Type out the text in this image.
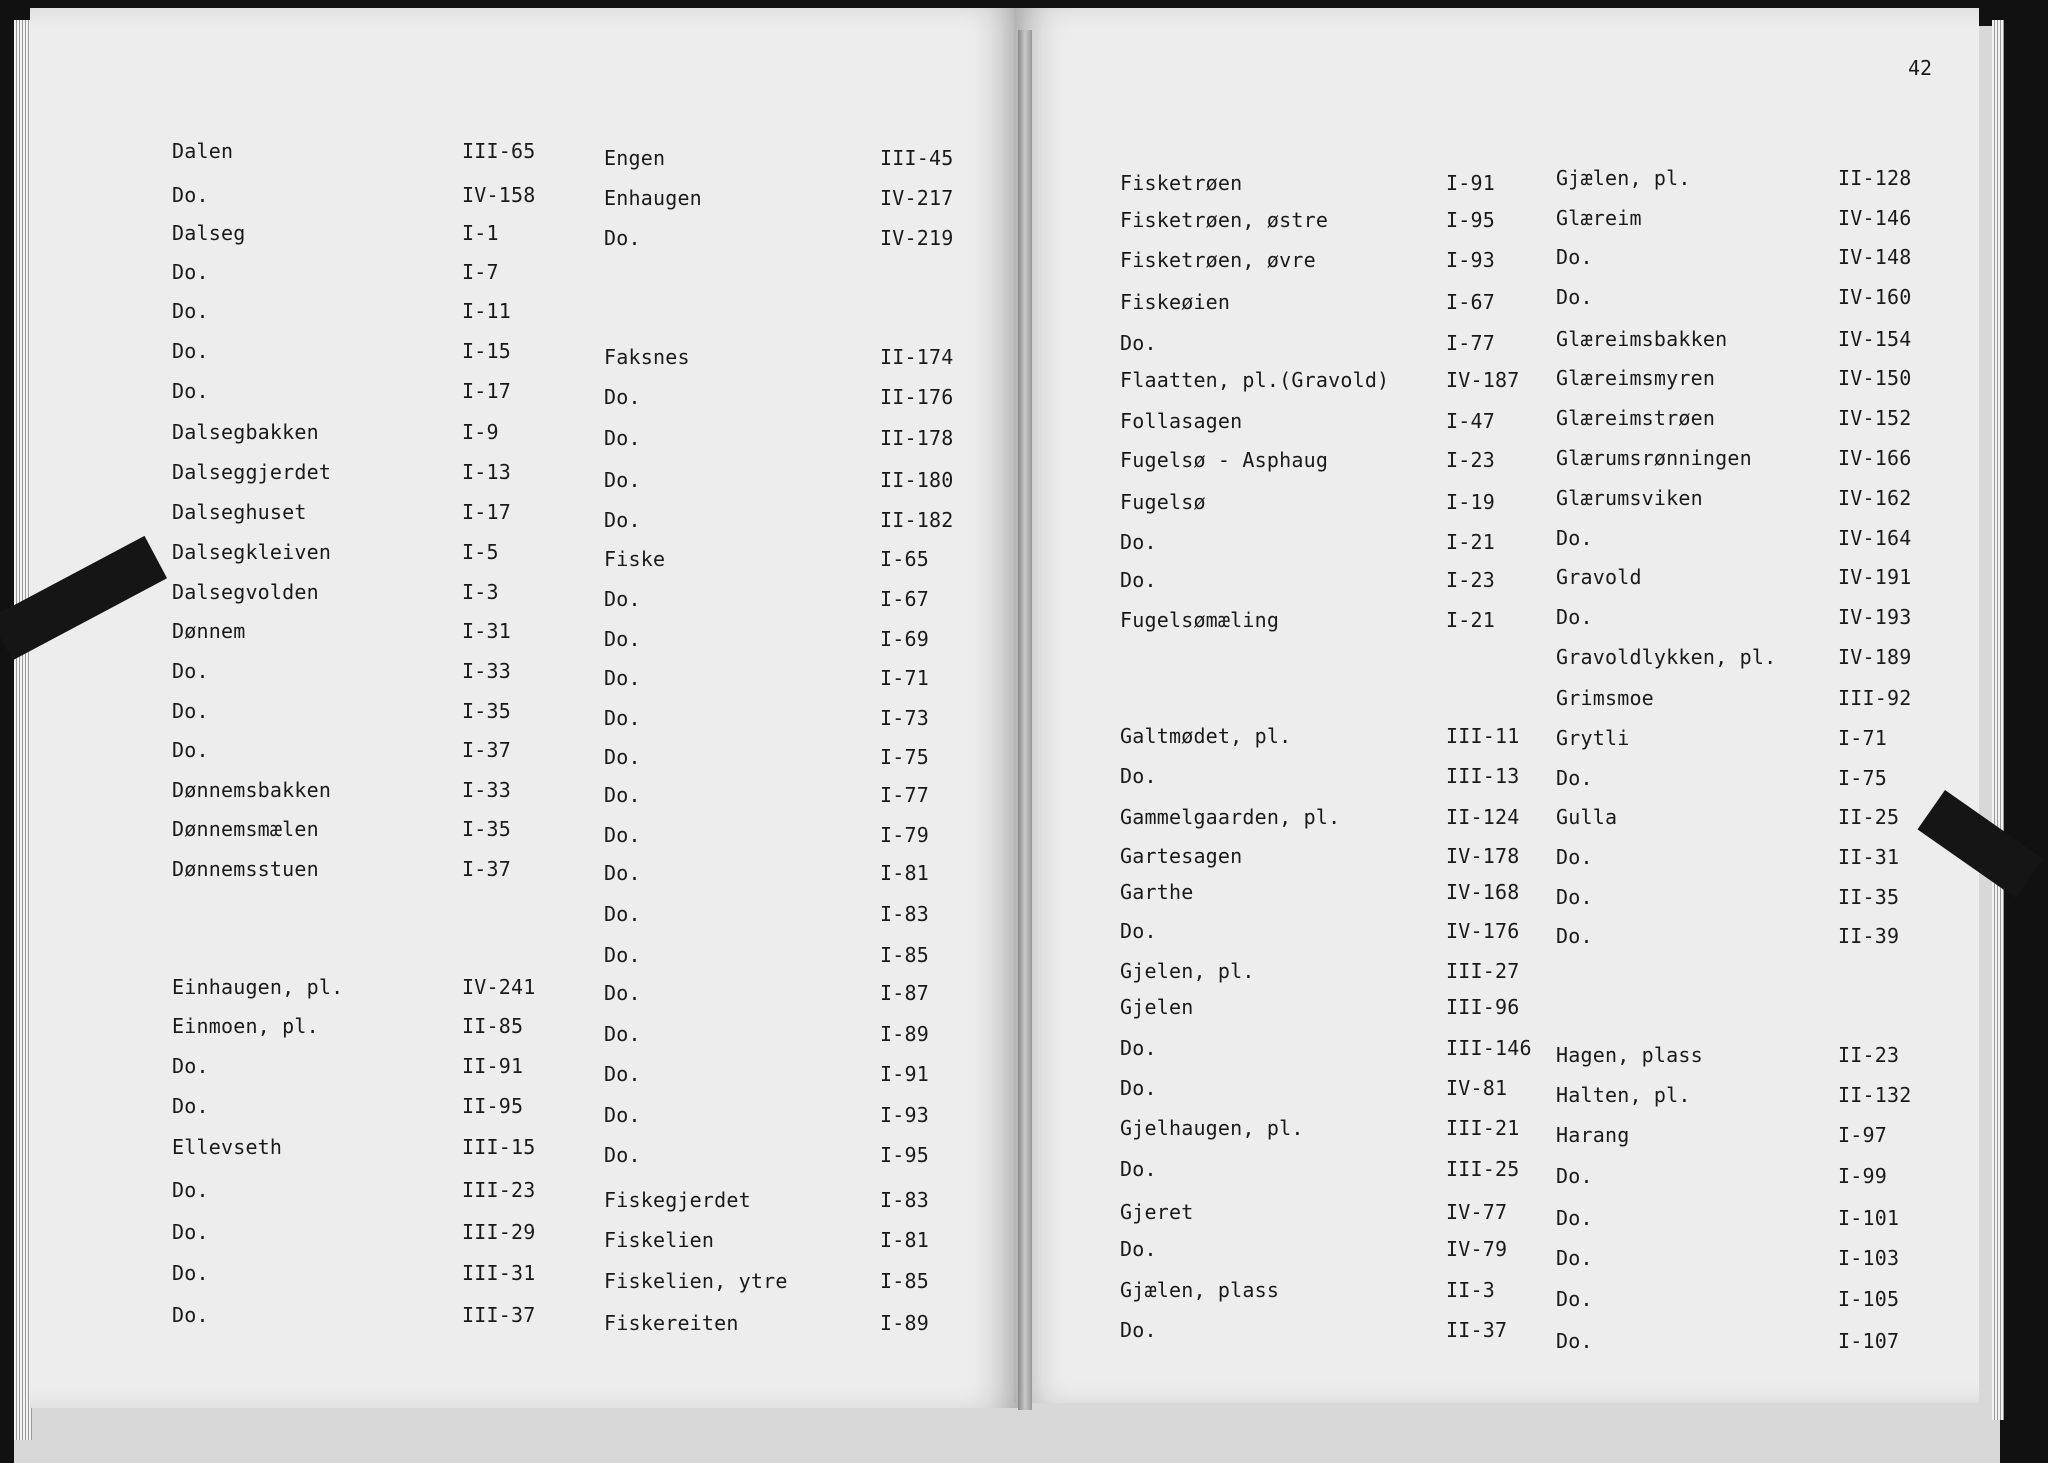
42
Dalen	III-65
Do.	IV-158
Dalseg	I-1
Do.	I-7
Do.	I-11
Do.	I-15
Do.	I-17
Dalsegbakken	I-9
Dalseggjerdet	I-13
Dalseghuset	I-17
Dalsegkleiven	I-5
Dalsegvolden	I-3
Dønnem	I-31
Do.	I-33
Do.	I-35
Do.	I-37
Dønnemsbakken	I-33
Dønnemsmælen	I-35
Dønnemsstuen	I-37
Einhaugen, pl.	IV-241
Einmoen, pl.	II-85
Do.	II-91
Do.	II-95
Ellevseth	III-15
Do.	III-23
Do.	III-29
Do.	III-31
Do.	III-37
Engen	III-45
Enhaugen	IV-217
Do.	IV-219
Faksnes	II-174
Do.	II-176
Do.	II-178
Do.	II-180
Do.	II-182
Fiske	I-65
Do.	I-67
Do.	I-69
Do.	I-71
Do.	I-73
Do.	I-75
Do.	I-77
Do.	I-79
Do.	I-81
Do.	I-83
Do.	I-85
Do.	I-87
Do.	I-89
Do.	I-91
Do.	I-93
Do.	I-95
Fiskegjerdet	I-83
Fiskelien	I-81
Fiskelien, ytre	I-85
Fiskereiten	I-89
Fisketrøen	I-91
Fisketrøen, østre	I-95
Fisketrøen, øvre	I-93
Fiskeøien	I-67
Do.	I-77
Flaatten, pl.(Gravold)	IV-187
Follasagen	I-47
Fugelsø - Asphaug	I-23
Fugelsø	I-19
Do.	I-21
Do.	I-23
Fugelsømæling	I-21
Galtmødet, pl.	III-11
Do.	III-13
Gammelgaarden, pl.	II-124
Gartesagen	IV-178
Garthe	IV-168
Do.	IV-176
Gjelen, pl.	III-27
Gjelen	III-96
Do.	III-146
Do.	IV-81
Gjelhaugen, pl.	III-21
Do.	III-25
Gjeret	IV-77
Do.	IV-79
Gjælen, plass	II-3
Do.	II-37
Gjælen, pl.	II-128
Glæreim	IV-146
Do.	IV-148
Do.	IV-160
Glæreimsbakken	IV-154
Glæreimsmyren	IV-150
Glæreimstrøen	IV-152
Glærumsrønningen	IV-166
Glærumsviken	IV-162
Do.	IV-164
Gravold	IV-191
Do.	IV-193
Gravoldlykken, pl.	IV-189
Grimsmoe	III-92
Grytli	I-71
Do.	I-75
Gulla	II-25
Do.	II-31
Do.	II-35
Do.	II-39
Hagen, plass	II-23
Halten, pl.	II-132
Harang	I-97
Do.	I-99
Do.	I-101
Do.	I-103
Do.	I-105
Do.	I-107
